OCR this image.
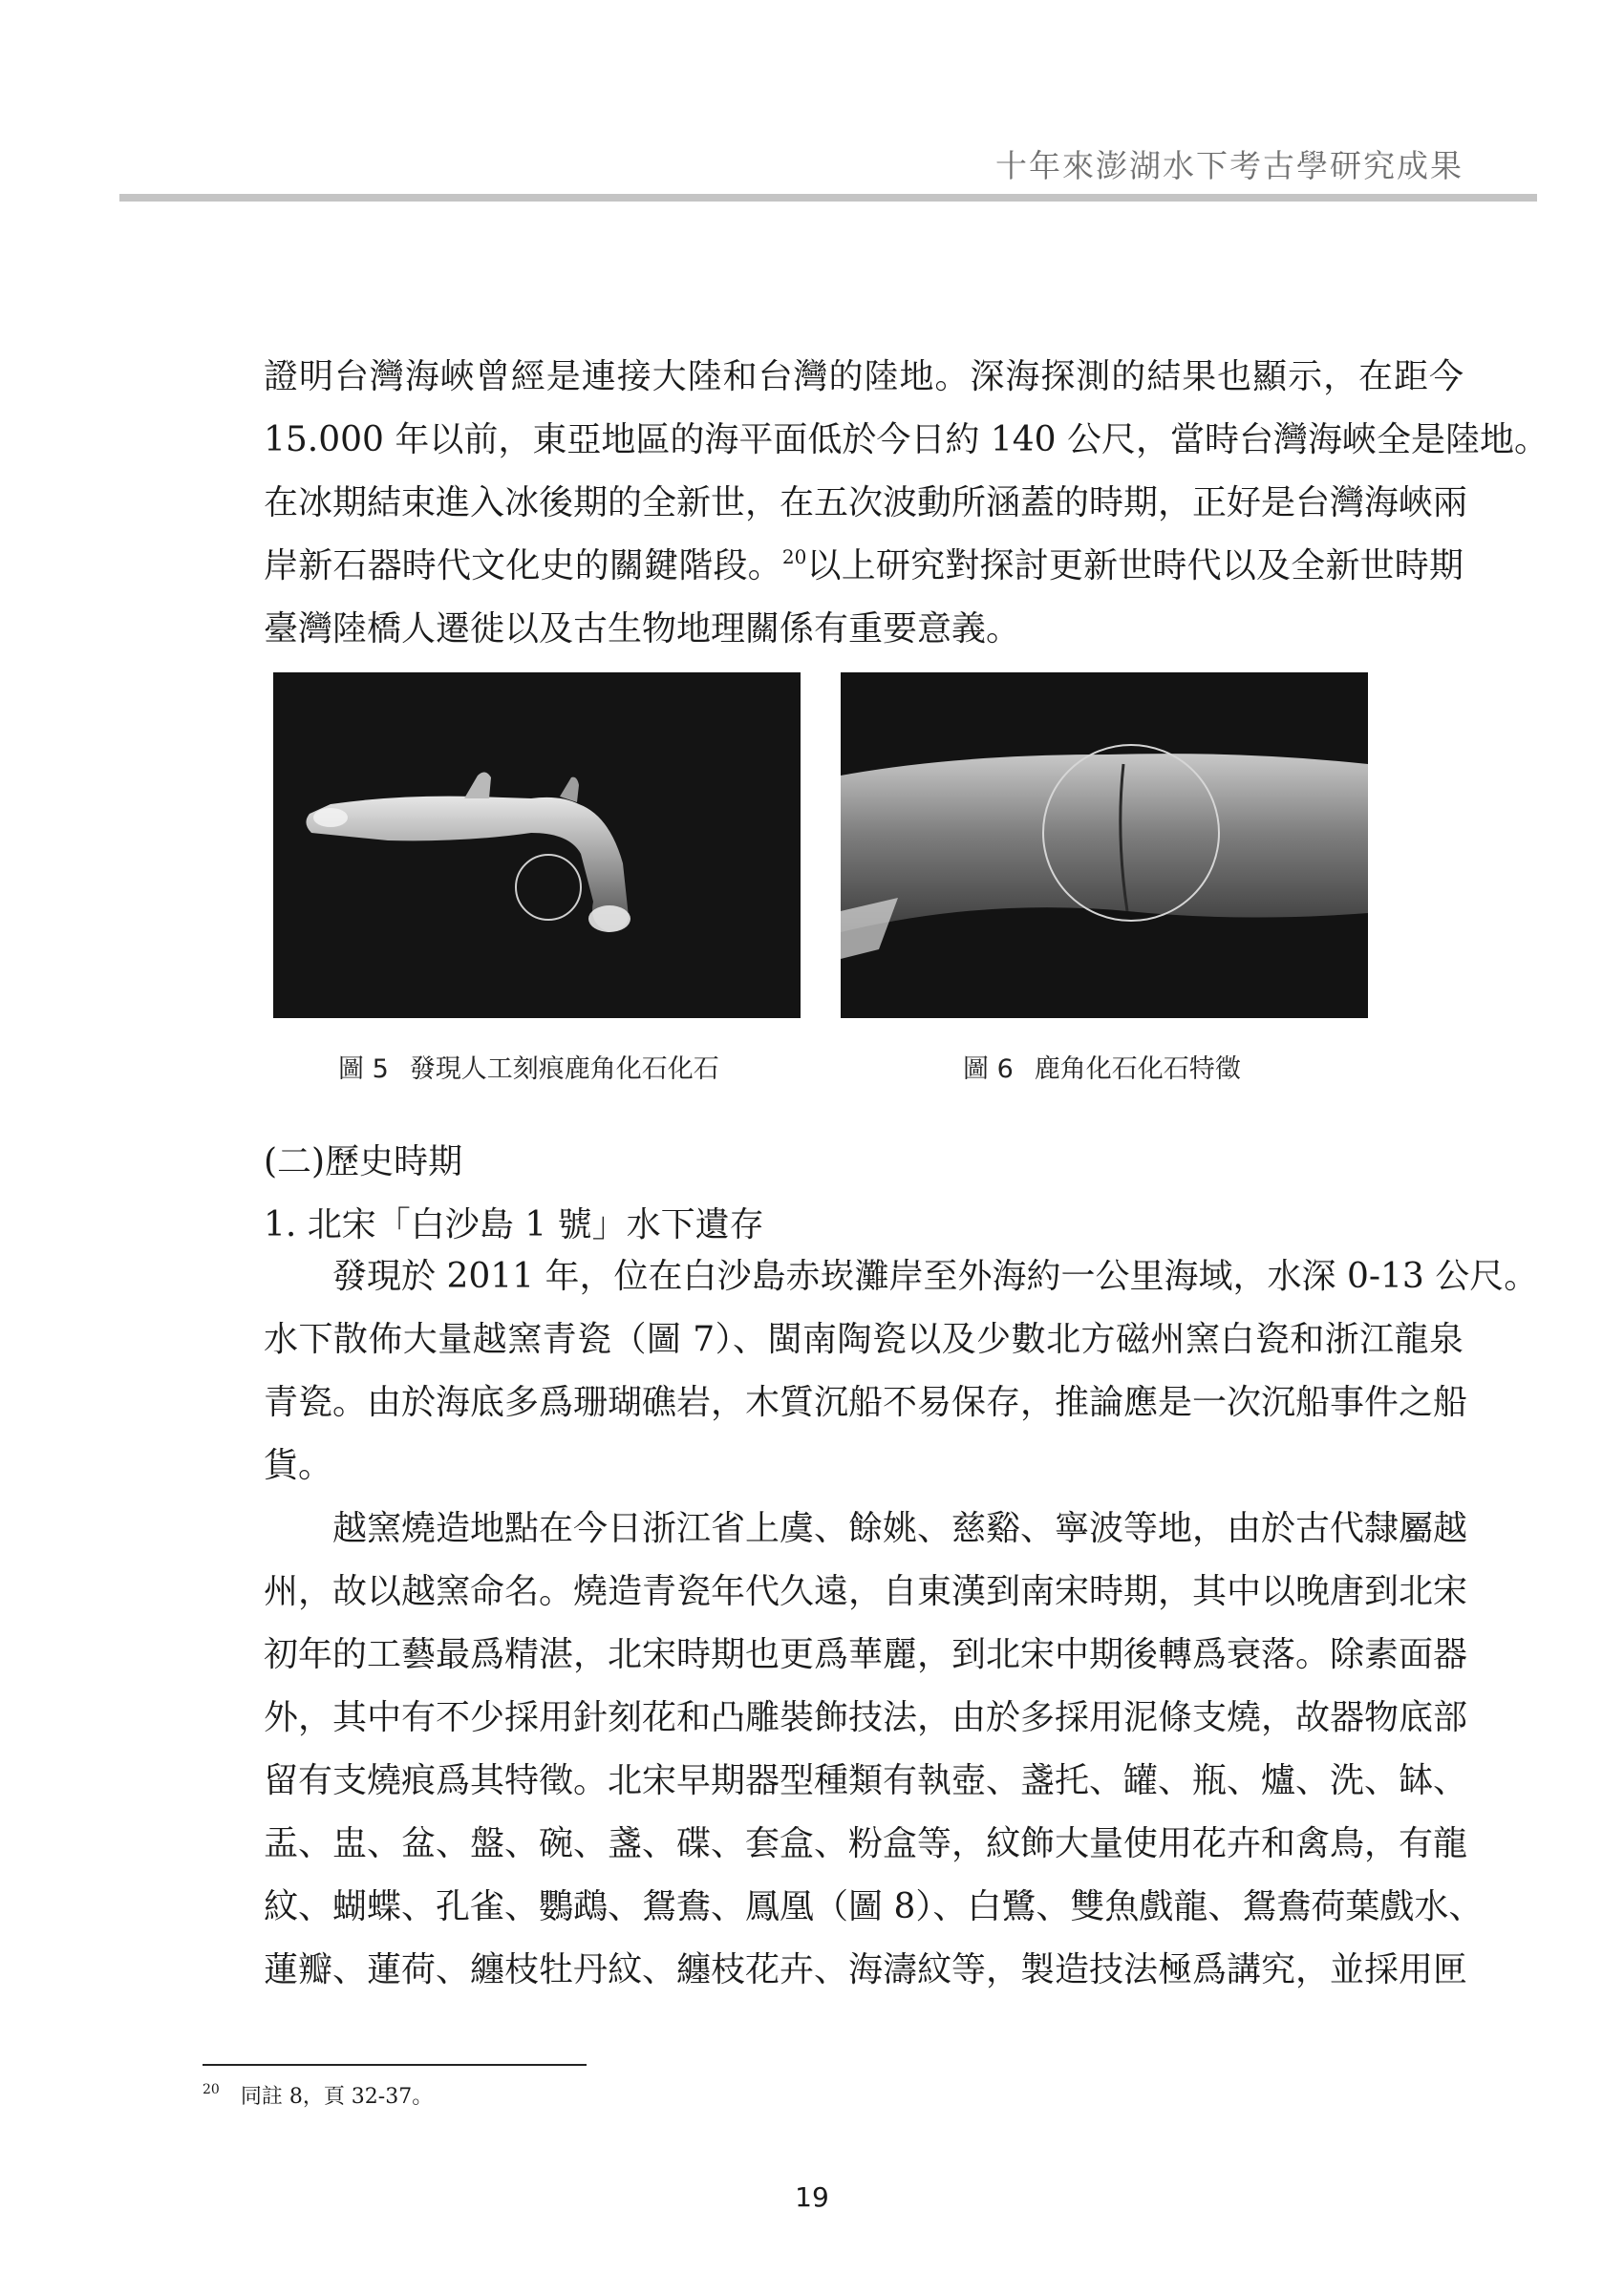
十年來澎湖水下考古學研究成果

證明台灣海峽曾經是連接大陸和台灣的陸地。深海探測的結果也顯示，在距今
15.000 年以前，東亞地區的海平面低於今日約 140 公尺，當時台灣海峽全是陸地。
在冰期結束進入冰後期的全新世，在五次波動所涵蓋的時期，正好是台灣海峽兩
岸新石器時代文化史的關鍵階段。$^{20}$以上研究對探討更新世時代以及全新世時期
臺灣陸橋人遷徙以及古生物地理關係有重要意義。

圖 5 發現人工刻痕鹿角化石化石	圖 6 鹿角化石化石特徵
(二)歷史時期
1. 北宋「白沙島 1 號」水下遺存

發現於 2011 年，位在白沙島赤崁灘岸至外海約一公里海域，水深 0-13 公尺。
水下散佈大量越窯青瓷（圖 7）、閩南陶瓷以及少數北方磁州窯白瓷和浙江龍泉
青瓷。由於海底多爲珊瑚礁岩，木質沉船不易保存，推論應是一次沉船事件之船
貨。

越窯燒造地點在今日浙江省上虞、餘姚、慈谿、寧波等地，由於古代隸屬越
州，故以越窯命名。燒造青瓷年代久遠，自東漢到南宋時期，其中以晚唐到北宋
初年的工藝最爲精湛，北宋時期也更爲華麗，到北宋中期後轉爲衰落。除素面器
外，其中有不少採用針刻花和凸雕裝飾技法，由於多採用泥條支燒，故器物底部
留有支燒痕爲其特徵。北宋早期器型種類有執壺、盞托、罐、瓶、爐、洗、缽、
盂、盅、盆、盤、碗、盞、碟、套盒、粉盒等，紋飾大量使用花卉和禽鳥，有龍
紋、蝴蝶、孔雀、鸚鵡、鴛鴦、鳳凰（圖 8）、白鷺、雙魚戲龍、鴛鴦荷葉戲水、
蓮瓣、蓮荷、纏枝牡丹紋、纏枝花卉、海濤紋等，製造技法極爲講究，並採用匣

$^{20}$ 同註 8，頁 32-37。
19
